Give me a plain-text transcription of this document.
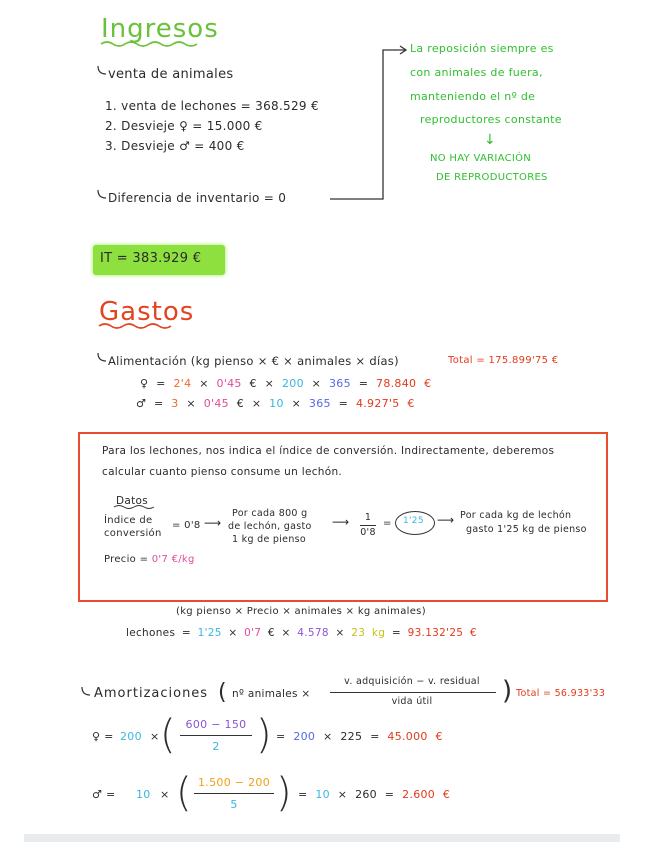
Ingresos
venta de animales
1. venta de lechones = 368.529 €
2. Desvieje ♀ = 15.000 €
3. Desvieje ♂ = 400 €
Diferencia de inventario = 0
La reposición siempre es
con animales de fuera,
manteniendo el nº de
reproductores constante
↓
NO HAY VARIACIÓN
DE REPRODUCTORES
IT = 383.929 €
Gastos
Alimentación (kg pienso × € × animales × días)	Total = 175.899'75 €
♀ = 2'4 × 0'45 € × 200 × 365 = 78.840 €
♂ = 3 × 0'45 € × 10 × 365 = 4.927'5 €
Para los lechones, nos indica el índice de conversión. Indirectamente, deberemos
calcular cuanto pienso consume un lechón.
Datos
Índice de
conversión
= 0'8 ⟶
Por cada 800 g
de lechón, gasto
1 kg de pienso
⟶	1
0'8
= 1'25 ⟶ Por cada kg de lechón
gasto 1'25 kg de pienso
Precio = 0'7 €/kg
(kg pienso × Precio × animales × kg animales)
lechones = 1'25 × 0'7 € × 4.578 × 23 kg = 93.132'25 €
Amortizaciones ( nº animales ×
v. adquisición − v. residual
vida útil	) Total = 56.933'33
♀ = 200 × ( 600 − 150
2 ) = 200 × 225 = 45.000 €
♂ = 10 × ( 1.500 − 200
5 ) = 10 × 260 = 2.600 €
